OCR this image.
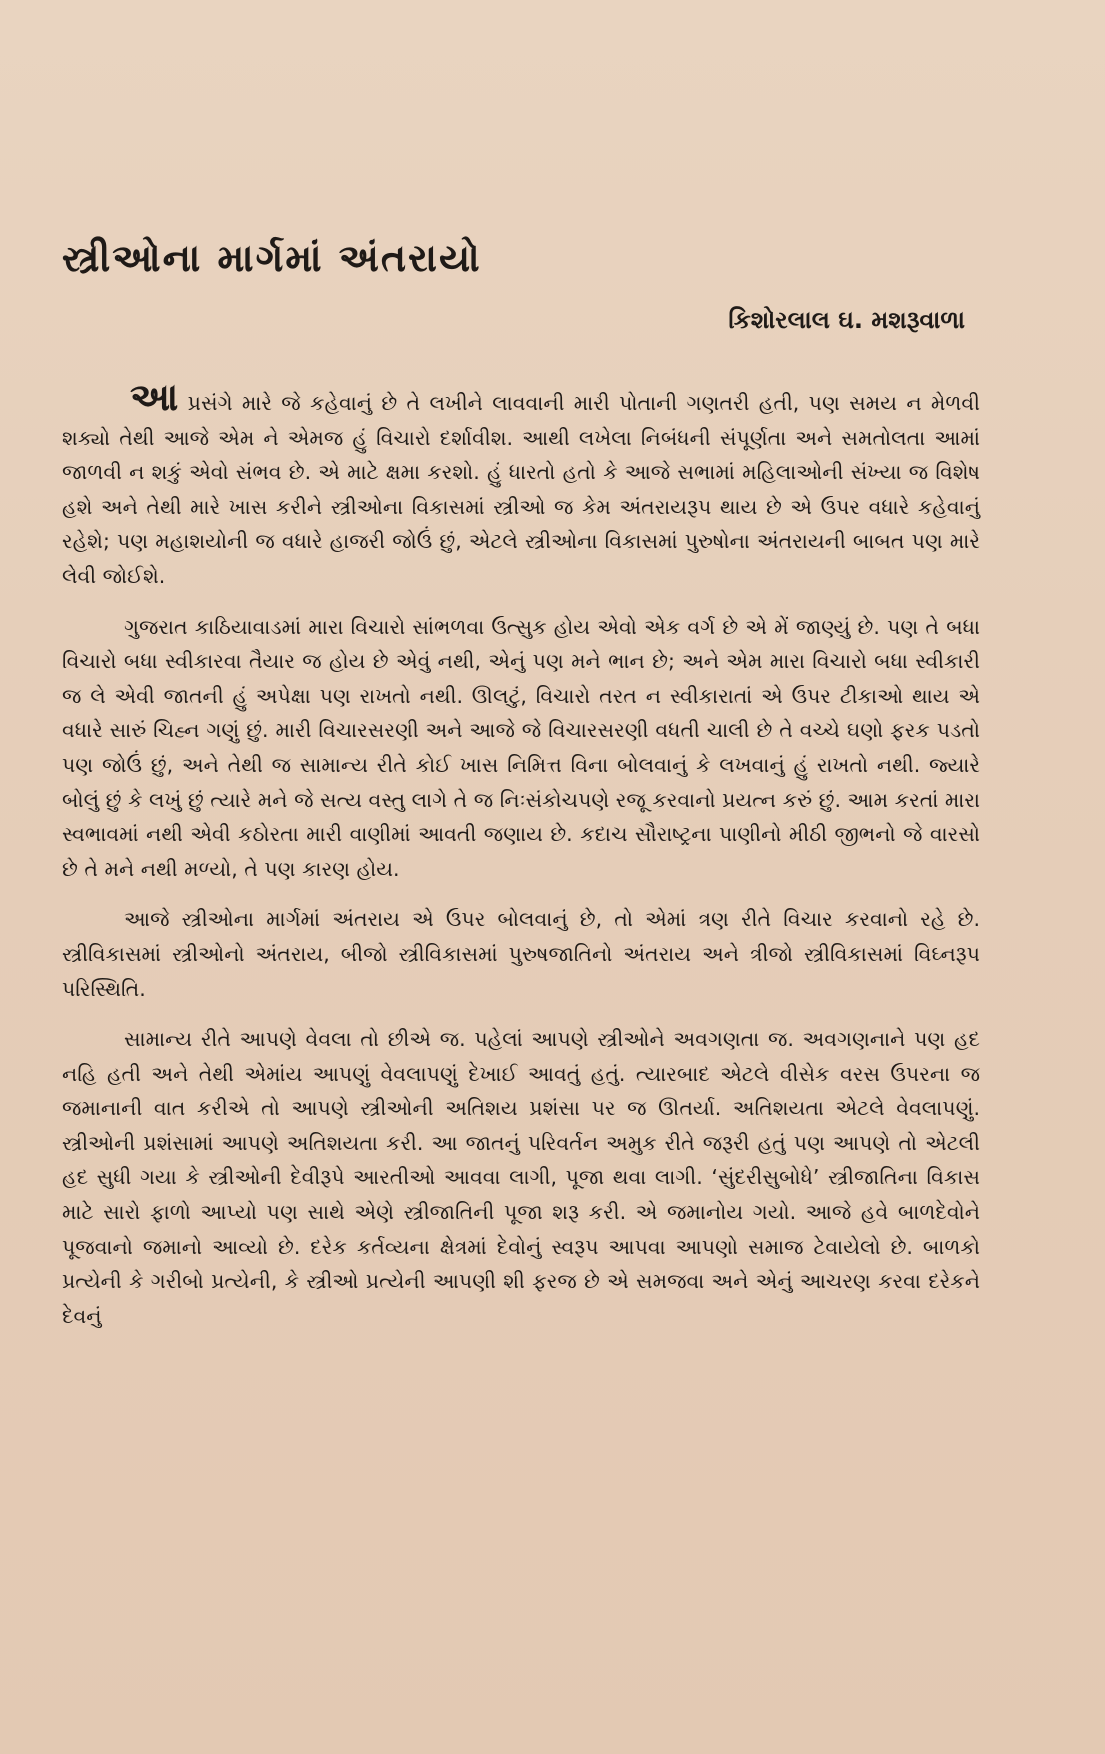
સ્ત્રીઓના માર્ગમાં અંતરાયો
કિશોરલાલ ઘ. મશરૂવાળા

આ પ્રસંગે મારે જે કહેવાનું છે તે લખીને લાવવાની મારી પોતાની ગણતરી હતી, પણ સમય ન મેળવી શક્યો તેથી આજે એમ ને એમજ હું વિચારો દર્શાવીશ. આથી લખેલા નિબંધની સંપૂર્ણતા અને સમતોલતા આમાં જાળવી ન શકું એવો સંભવ છે. એ માટે ક્ષમા કરશો. હું ધારતો હતો કે આજે સભામાં મહિલાઓની સંખ્યા જ વિશેષ હશે અને તેથી મારે ખાસ કરીને સ્ત્રીઓના વિકાસમાં સ્ત્રીઓ જ કેમ અંતરાયરૂપ થાય છે એ ઉપર વધારે કહેવાનું રહેશે; પણ મહાશયોની જ વધારે હાજરી જોઉં છું, એટલે સ્ત્રીઓના વિકાસમાં પુરુષોના અંતરાયની બાબત પણ મારે લેવી જોઈશે.

ગુજરાત કાઠિયાવાડમાં મારા વિચારો સાંભળવા ઉત્સુક હોય એવો એક વર્ગ છે એ મેં જાણ્યું છે. પણ તે બધા વિચારો બધા સ્વીકારવા તૈયાર જ હોય છે એવું નથી, એનું પણ મને ભાન છે; અને એમ મારા વિચારો બધા સ્વીકારી જ લે એવી જાતની હું અપેક્ષા પણ રાખતો નથી. ઊલટું, વિચારો તરત ન સ્વીકારાતાં એ ઉપર ટીકાઓ થાય એ વધારે સારું ચિહ્ન ગણું છું. મારી વિચારસરણી અને આજે જે વિચારસરણી વધતી ચાલી છે તે વચ્ચે ઘણો ફરક પડતો પણ જોઉં છું, અને તેથી જ સામાન્ય રીતે કોઈ ખાસ નિમિત્ત વિના બોલવાનું કે લખવાનું હું રાખતો નથી. જ્યારે બોલું છું કે લખું છું ત્યારે મને જે સત્ય વસ્તુ લાગે તે જ નિઃસંકોચપણે રજૂ કરવાનો પ્રયત્ન કરું છું. આમ કરતાં મારા સ્વભાવમાં નથી એવી કઠોરતા મારી વાણીમાં આવતી જણાય છે. કદાચ સૌરાષ્ટ્રના પાણીનો મીઠી જીભનો જે વારસો છે તે મને નથી મળ્યો, તે પણ કારણ હોય.

આજે સ્ત્રીઓના માર્ગમાં અંતરાય એ ઉપર બોલવાનું છે, તો એમાં ત્રણ રીતે વિચાર કરવાનો રહે છે. સ્ત્રીવિકાસમાં સ્ત્રીઓનો અંતરાય, બીજો સ્ત્રીવિકાસમાં પુરુષજાતિનો અંતરાય અને ત્રીજો સ્ત્રીવિકાસમાં વિઘ્નરૂપ પરિસ્થિતિ.

સામાન્ય રીતે આપણે વેવલા તો છીએ જ. પહેલાં આપણે સ્ત્રીઓને અવગણતા જ. અવગણનાને પણ હદ નહિ હતી અને તેથી એમાંય આપણું વેવલાપણું દેખાઈ આવતું હતું. ત્યારબાદ એટલે વીસેક વરસ ઉપરના જ જમાનાની વાત કરીએ તો આપણે સ્ત્રીઓની અતિશય પ્રશંસા પર જ ઊતર્યા. અતિશયતા એટલે વેવલાપણું. સ્ત્રીઓની પ્રશંસામાં આપણે અતિશયતા કરી. આ જાતનું પરિવર્તન અમુક રીતે જરૂરી હતું પણ આપણે તો એટલી હદ સુધી ગયા કે સ્ત્રીઓની દેવીરૂપે આરતીઓ આવવા લાગી, પૂજા થવા લાગી. ‘સુંદરીસુબોધે’ સ્ત્રીજાતિના વિકાસ માટે સારો ફાળો આપ્યો પણ સાથે એણે સ્ત્રીજાતિની પૂજા શરૂ કરી. એ જમાનોય ગયો. આજે હવે બાળદેવોને પૂજવાનો જમાનો આવ્યો છે. દરેક કર્તવ્યના ક્ષેત્રમાં દેવોનું સ્વરૂપ આપવા આપણો સમાજ ટેવાયેલો છે. બાળકો પ્રત્યેની કે ગરીબો પ્રત્યેની, કે સ્ત્રીઓ પ્રત્યેની આપણી શી ફરજ છે એ સમજવા અને એનું આચરણ કરવા દરેકને દેવનું
